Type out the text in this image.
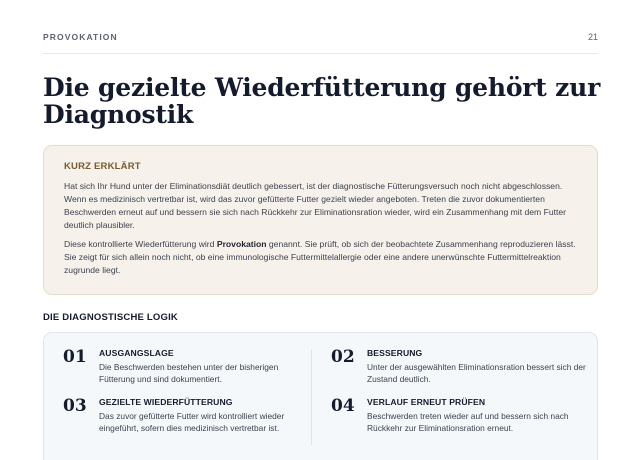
PROVOKATION	21
Die gezielte Wiederfütterung gehört zur Diagnostik
KURZ ERKLÄRT

Hat sich Ihr Hund unter der Eliminationsdiät deutlich gebessert, ist der diagnostische Fütterungsversuch noch nicht abgeschlossen. Wenn es medizinisch vertretbar ist, wird das zuvor gefütterte Futter gezielt wieder angeboten. Treten die zuvor dokumentierten Beschwerden erneut auf und bessern sie sich nach Rückkehr zur Eliminationsration wieder, wird ein Zusammenhang mit dem Futter deutlich plausibler.

Diese kontrollierte Wiederfütterung wird Provokation genannt. Sie prüft, ob sich der beobachtete Zusammenhang reproduzieren lässt. Sie zeigt für sich allein noch nicht, ob eine immunologische Futtermittelallergie oder eine andere unerwünschte Futtermittelreaktion zugrunde liegt.

DIE DIAGNOSTISCHE LOGIK
01	AUSGANGSLAGE
Die Beschwerden bestehen unter der bisherigen Fütterung und sind dokumentiert.
02	BESSERUNG
Unter der ausgewählten Eliminationsration bessert sich der Zustand deutlich.
03	GEZIELTE WIEDERFÜTTERUNG
Das zuvor gefütterte Futter wird kontrolliert wieder eingeführt, sofern dies medizinisch vertretbar ist.
04	VERLAUF ERNEUT PRÜFEN
Beschwerden treten wieder auf und bessern sich nach Rückkehr zur Eliminationsration erneut.
